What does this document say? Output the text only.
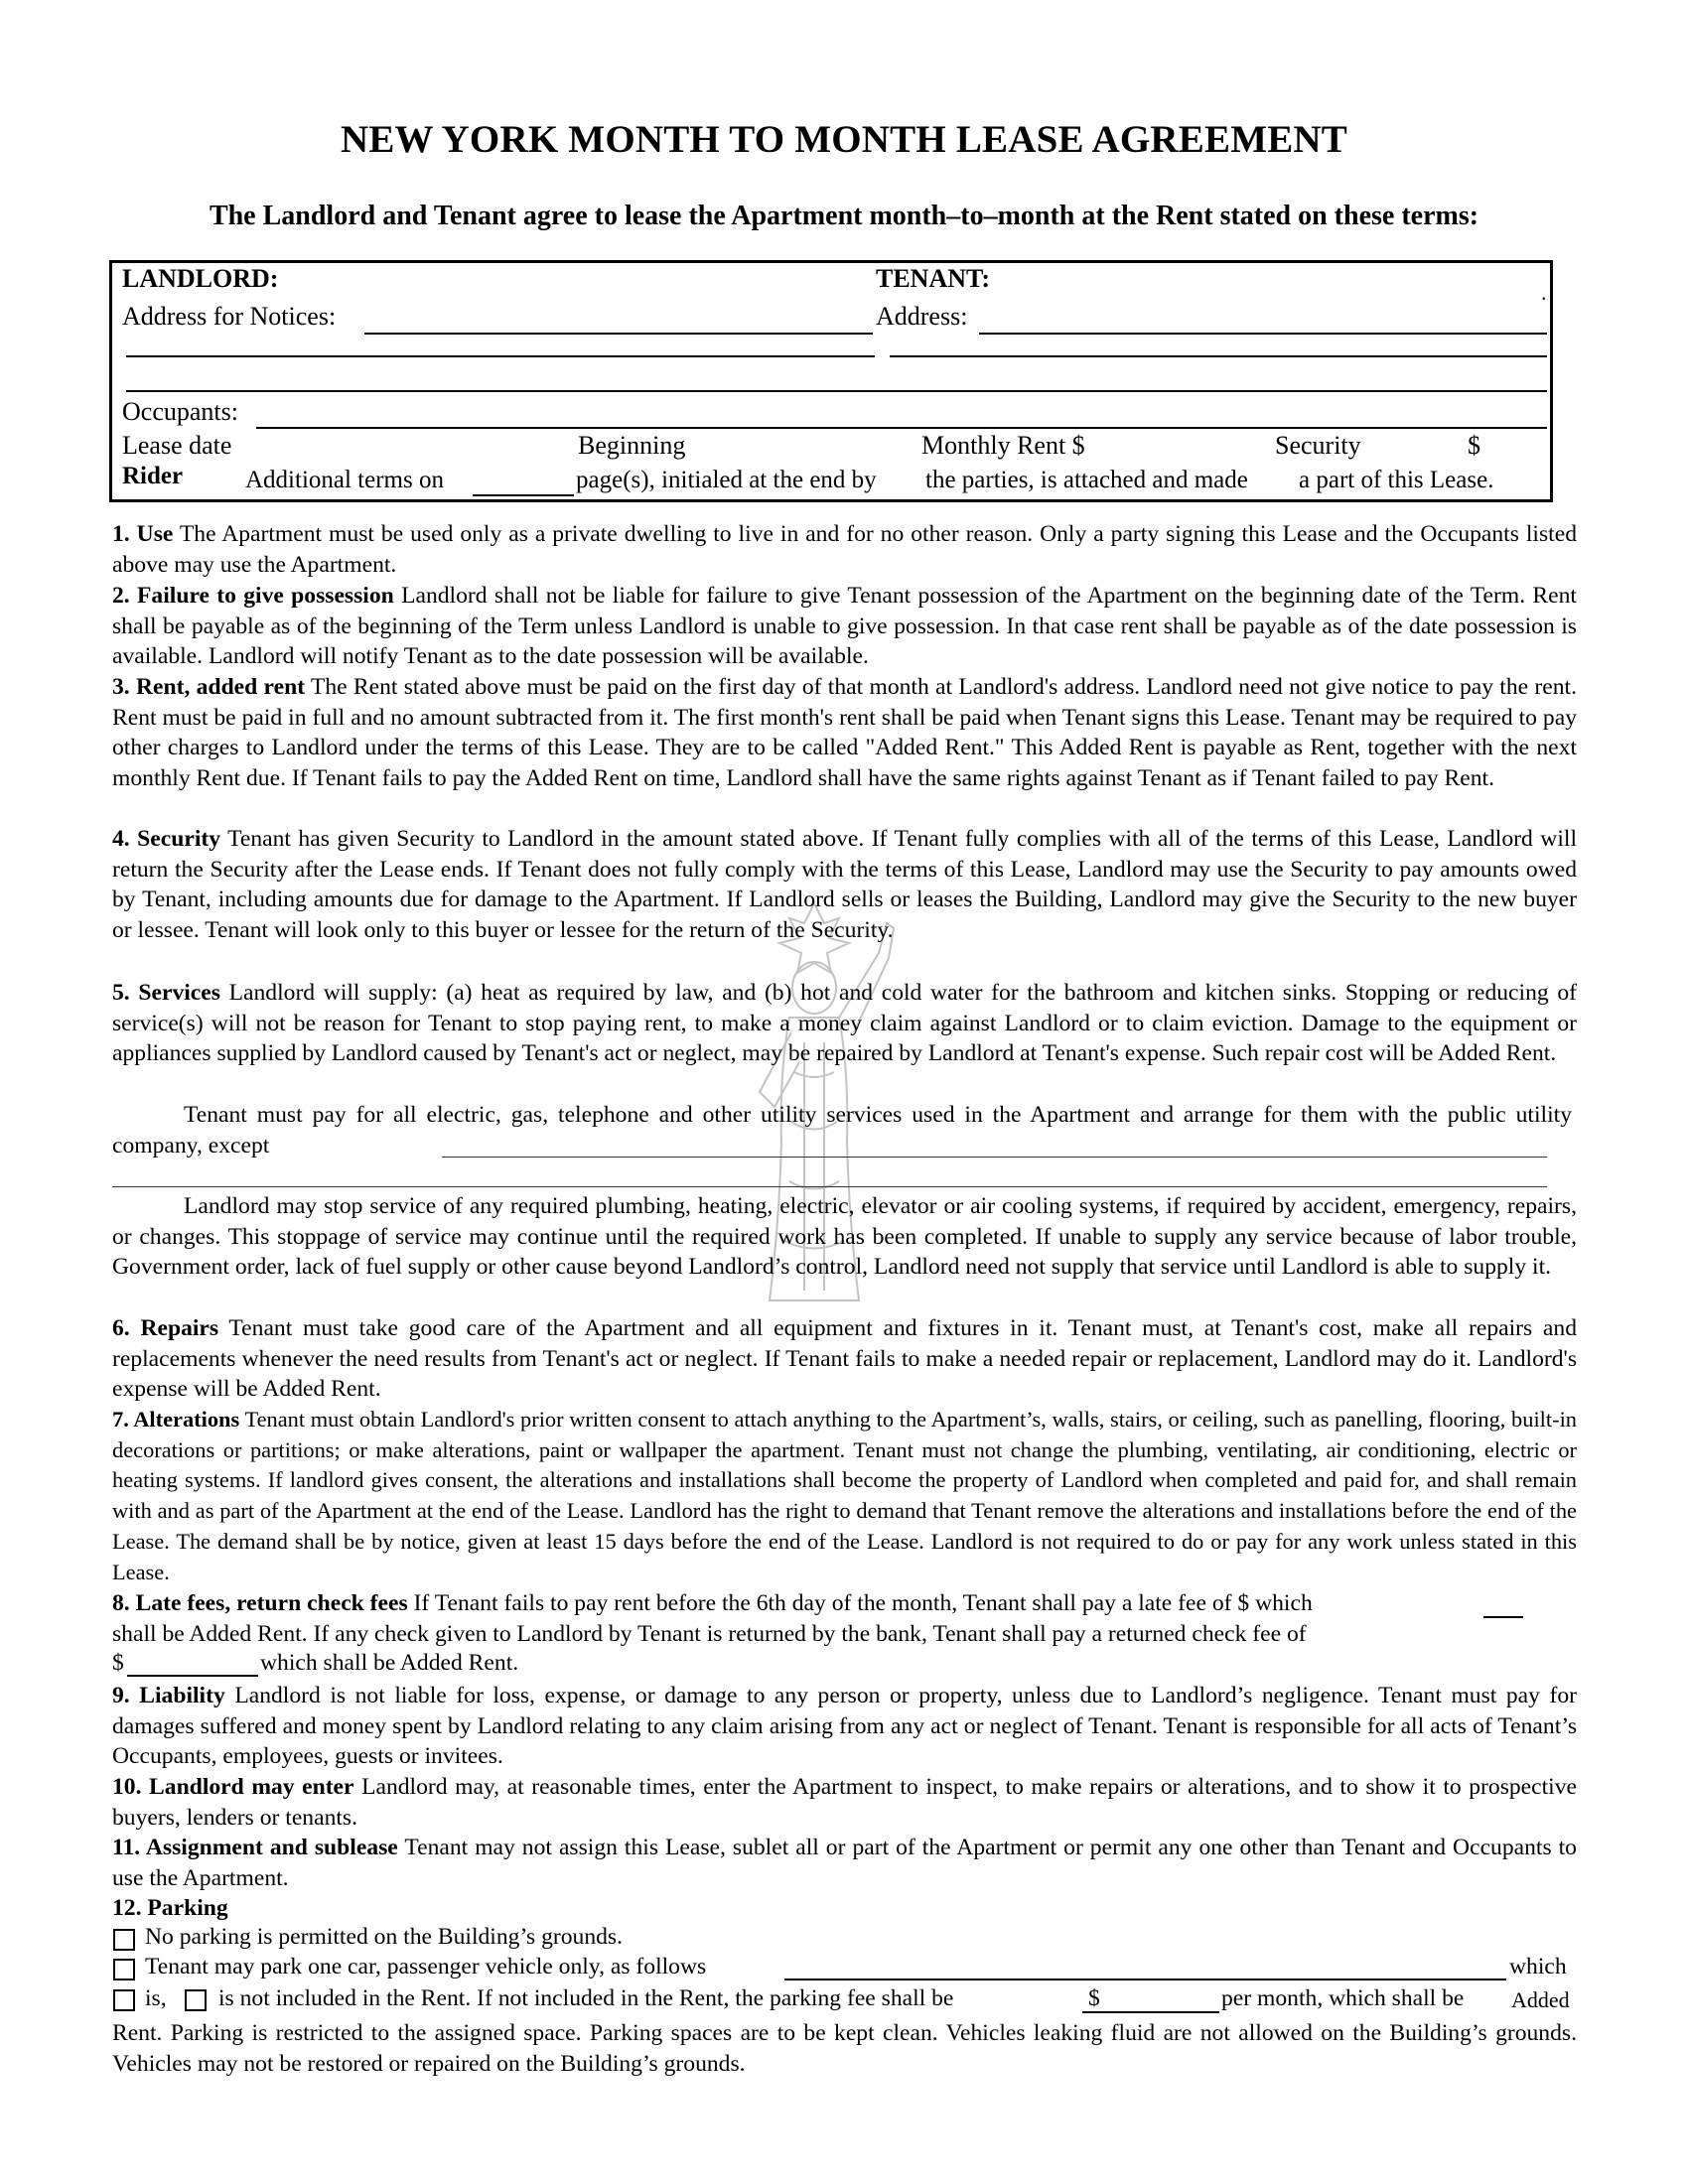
NEW YORK MONTH TO MONTH LEASE AGREEMENT

The Landlord and Tenant agree to lease the Apartment month–to–month at the Rent stated on these terms:

LANDLORD:	TENANT:	.
Address for Notices:	Address:
Occupants:
Lease date	Beginning	Monthly Rent $	Security	$
Rider	Additional terms on	page(s), initialed at the end by the parties, is attached and made a part of this Lease.

1. Use The Apartment must be used only as a private dwelling to live in and for no other reason. Only a party signing this Lease and the Occupants listed above may use the Apartment.

2. Failure to give possession Landlord shall not be liable for failure to give Tenant possession of the Apartment on the beginning date of the Term. Rent shall be payable as of the beginning of the Term unless Landlord is unable to give possession. In that case rent shall be payable as of the date possession is available. Landlord will notify Tenant as to the date possession will be available.

3. Rent, added rent The Rent stated above must be paid on the first day of that month at Landlord's address. Landlord need not give notice to pay the rent. Rent must be paid in full and no amount subtracted from it. The first month's rent shall be paid when Tenant signs this Lease. Tenant may be required to pay other charges to Landlord under the terms of this Lease. They are to be called "Added Rent." This Added Rent is payable as Rent, together with the next monthly Rent due. If Tenant fails to pay the Added Rent on time, Landlord shall have the same rights against Tenant as if Tenant failed to pay Rent.

4. Security Tenant has given Security to Landlord in the amount stated above. If Tenant fully complies with all of the terms of this Lease, Landlord will return the Security after the Lease ends. If Tenant does not fully comply with the terms of this Lease, Landlord may use the Security to pay amounts owed by Tenant, including amounts due for damage to the Apartment. If Landlord sells or leases the Building, Landlord may give the Security to the new buyer or lessee. Tenant will look only to this buyer or lessee for the return of the Security.

5. Services Landlord will supply: (a) heat as required by law, and (b) hot and cold water for the bathroom and kitchen sinks. Stopping or reducing of service(s) will not be reason for Tenant to stop paying rent, to make a money claim against Landlord or to claim eviction. Damage to the equipment or appliances supplied by Landlord caused by Tenant's act or neglect, may be repaired by Landlord at Tenant's expense. Such repair cost will be Added Rent.

Tenant must pay for all electric, gas, telephone and other utility services used in the Apartment and arrange for them with the public utility company, except

Landlord may stop service of any required plumbing, heating, electric, elevator or air cooling systems, if required by accident, emergency, repairs, or changes. This stoppage of service may continue until the required work has been completed. If unable to supply any service because of labor trouble, Government order, lack of fuel supply or other cause beyond Landlord’s control, Landlord need not supply that service until Landlord is able to supply it.

6. Repairs Tenant must take good care of the Apartment and all equipment and fixtures in it. Tenant must, at Tenant's cost, make all repairs and replacements whenever the need results from Tenant's act or neglect. If Tenant fails to make a needed repair or replacement, Landlord may do it. Landlord's expense will be Added Rent.

7. Alterations Tenant must obtain Landlord's prior written consent to attach anything to the Apartment’s, walls, stairs, or ceiling, such as panelling, flooring, built-in decorations or partitions; or make alterations, paint or wallpaper the apartment. Tenant must not change the plumbing, ventilating, air conditioning, electric or heating systems. If landlord gives consent, the alterations and installations shall become the property of Landlord when completed and paid for, and shall remain with and as part of the Apartment at the end of the Lease. Landlord has the right to demand that Tenant remove the alterations and installations before the end of the Lease. The demand shall be by notice, given at least 15 days before the end of the Lease. Landlord is not required to do or pay for any work unless stated in this Lease.

8. Late fees, return check fees If Tenant fails to pay rent before the 6th day of the month, Tenant shall pay a late fee of $ which

shall be Added Rent. If any check given to Landlord by Tenant is returned by the bank, Tenant shall pay a returned check fee of

$	which shall be Added Rent.

9. Liability Landlord is not liable for loss, expense, or damage to any person or property, unless due to Landlord’s negligence. Tenant must pay for damages suffered and money spent by Landlord relating to any claim arising from any act or neglect of Tenant. Tenant is responsible for all acts of Tenant’s Occupants, employees, guests or invitees.

10. Landlord may enter Landlord may, at reasonable times, enter the Apartment to inspect, to make repairs or alterations, and to show it to prospective buyers, lenders or tenants.

11. Assignment and sublease Tenant may not assign this Lease, sublet all or part of the Apartment or permit any one other than Tenant and Occupants to use the Apartment.

12. Parking
No parking is permitted on the Building’s grounds.
Tenant may park one car, passenger vehicle only, as follows	which
is, is not included in the Rent. If not included in the Rent, the parking fee shall be	$	per month, which shall be Added

Rent. Parking is restricted to the assigned space. Parking spaces are to be kept clean. Vehicles leaking fluid are not allowed on the Building’s grounds. Vehicles may not be restored or repaired on the Building’s grounds.
